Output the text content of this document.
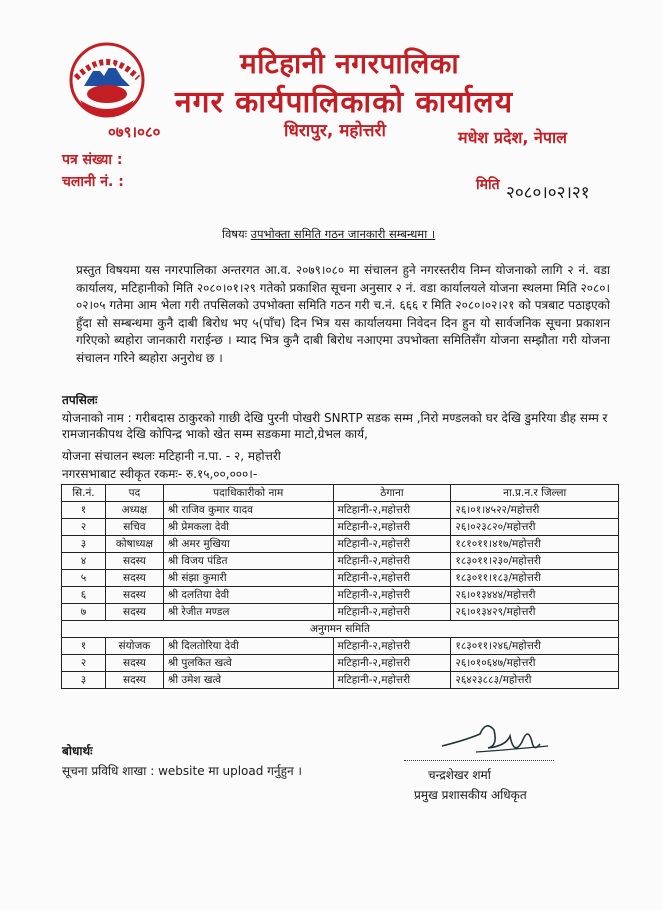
मटिहानी नगरपालिका
नगर कार्यपालिकाको कार्यालय
०७९।०८०	धिरापुर, महोत्तरी	मधेश प्रदेश, नेपाल
पत्र संख्या :
चलानी नं. :	मिति २०८०।०२।२१
विषयः उपभोक्ता समिति गठन जानकारी सम्बन्धमा ।
प्रस्तुत विषयमा यस नगरपालिका अन्तरगत आ.व. २०७९।०८० मा संचालन हुने नगरस्तरीय निम्न योजनाको लागि २ नं. वडा कार्यालय, मटिहानीको मिति २०८०।०१।२९ गतेको प्रकाशित सूचना अनुसार २ नं. वडा कार्यालयले योजना स्थलमा मिति २०८०।०२।०५ गतेमा आम भेला गरी तपसिलको उपभोक्ता समिति गठन गरी च.नं. ६६६ र मिति २०८०।०२।२१ को पत्रबाट पठाइएको हुँदा सो सम्बन्धमा कुनै दाबी बिरोध भए ५(पाँच) दिन भित्र यस कार्यालयमा निवेदन दिन हुन यो सार्वजनिक सूचना प्रकाशन गरिएको ब्यहोरा जानकारी गराईन्छ । म्याद भित्र कुनै दाबी बिरोध नआएमा उपभोक्ता समितिसँग योजना सम्झौता गरी योजना संचालन गरिने ब्यहोरा अनुरोध छ ।
तपसिलः
योजनाको नाम : गरीबदास ठाकुरको गाछी देखि पुरनी पोखरी SNRTP सडक सम्म ,निरो मण्डलको घर देखि डुमरिया डीह सम्म र रामजानकीपथ देखि कोपिन्द्र भाको खेत सम्म सडकमा माटो,ग्रेभल कार्य,
योजना संचालन स्थलः मटिहानी न.पा. - २, महोत्तरी
नगरसभाबाट स्वीकृत रकमः- रु.१५,००,०००।-
सि.नं.	पद	पदाधिकारीको नाम	ठेगाना	ना.प्र.न.र जिल्ला
१	अध्यक्ष	श्री राजिव कुमार यादव	मटिहानी-२,महोत्तरी	२६।०१।४५२२/महोत्तरी
२	सचिव	श्री प्रेमकला देवी	मटिहानी-२,महोत्तरी	२६।०२३८२०/महोत्तरी
३	कोषाध्यक्ष	श्री अमर मुखिया	मटिहानी-२,महोत्तरी	१८१०११।४१७/महोत्तरी
४	सदस्य	श्री विजय पंडित	मटिहानी-२,महोत्तरी	१८३०११।२३०/महोत्तरी
५	सदस्य	श्री संझा कुमारी	मटिहानी-२,महोत्तरी	१८३०११।१८३/महोत्तरी
६	सदस्य	श्री दलतिया देवी	मटिहानी-२,महोत्तरी	२६।०१३४४४/महोत्तरी
७	सदस्य	श्री रेजीत मण्डल	मटिहानी-२,महोत्तरी	२६।०१३४२९/महोत्तरी
अनुगमन समिति				
१	संयोजक	श्री दिलतोरिया देवी	मटिहानी-२,महोत्तरी	१८३०११।२४६/महोत्तरी
२	सदस्य	श्री पुलकित खत्वे	मटिहानी-२,महोत्तरी	२६।०१०६४७/महोत्तरी
३	सदस्य	श्री उमेश खत्वे	मटिहानी-२,महोत्तरी	२६४२३८८३/महोत्तरी
बोधार्थः
सूचना प्रविधि शाखा : website मा upload गर्नुहुन ।	चन्द्रशेखर शर्मा
प्रमुख प्रशासकीय अधिकृत
